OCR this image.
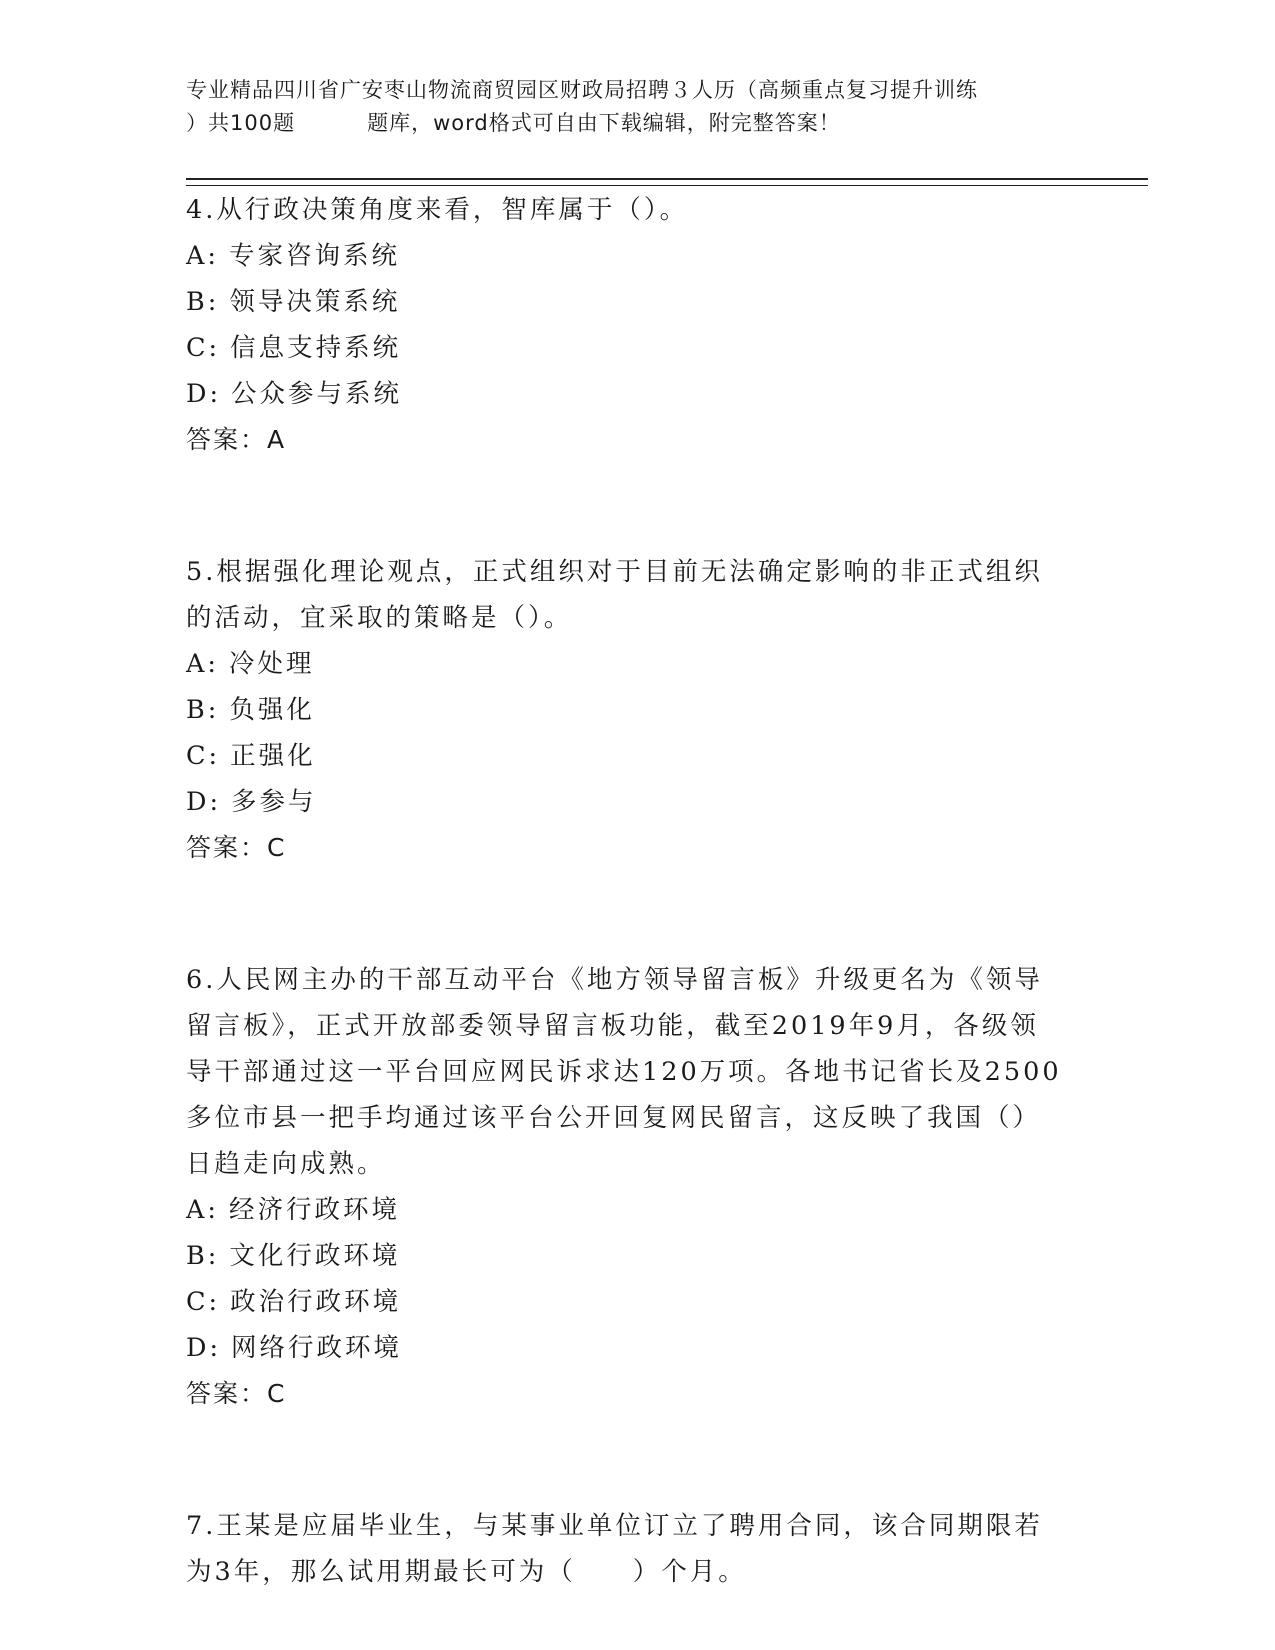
专业精品四川省广安枣山物流商贸园区财政局招聘３人历（高频重点复习提升训练
）共100题	题库，word格式可自由下载编辑，附完整答案！

4.从行政决策角度来看，智库属于（）。

A: 专家咨询系统

B: 领导决策系统

C: 信息支持系统

D: 公众参与系统

答案：A

5.根据强化理论观点，正式组织对于目前无法确定影响的非正式组织

的活动，宜采取的策略是（）。

A: 冷处理

B: 负强化

C: 正强化

D: 多参与

答案：C

6.人民网主办的干部互动平台《地方领导留言板》升级更名为《领导

留言板》，正式开放部委领导留言板功能，截至2019年9月，各级领

导干部通过这一平台回应网民诉求达120万项。各地书记省长及2500

多位市县一把手均通过该平台公开回复网民留言，这反映了我国（）

日趋走向成熟。

A: 经济行政环境

B: 文化行政环境

C: 政治行政环境

D: 网络行政环境

答案：C

7.王某是应届毕业生，与某事业单位订立了聘用合同，该合同期限若

为3年，那么试用期最长可为（　　）个月。
